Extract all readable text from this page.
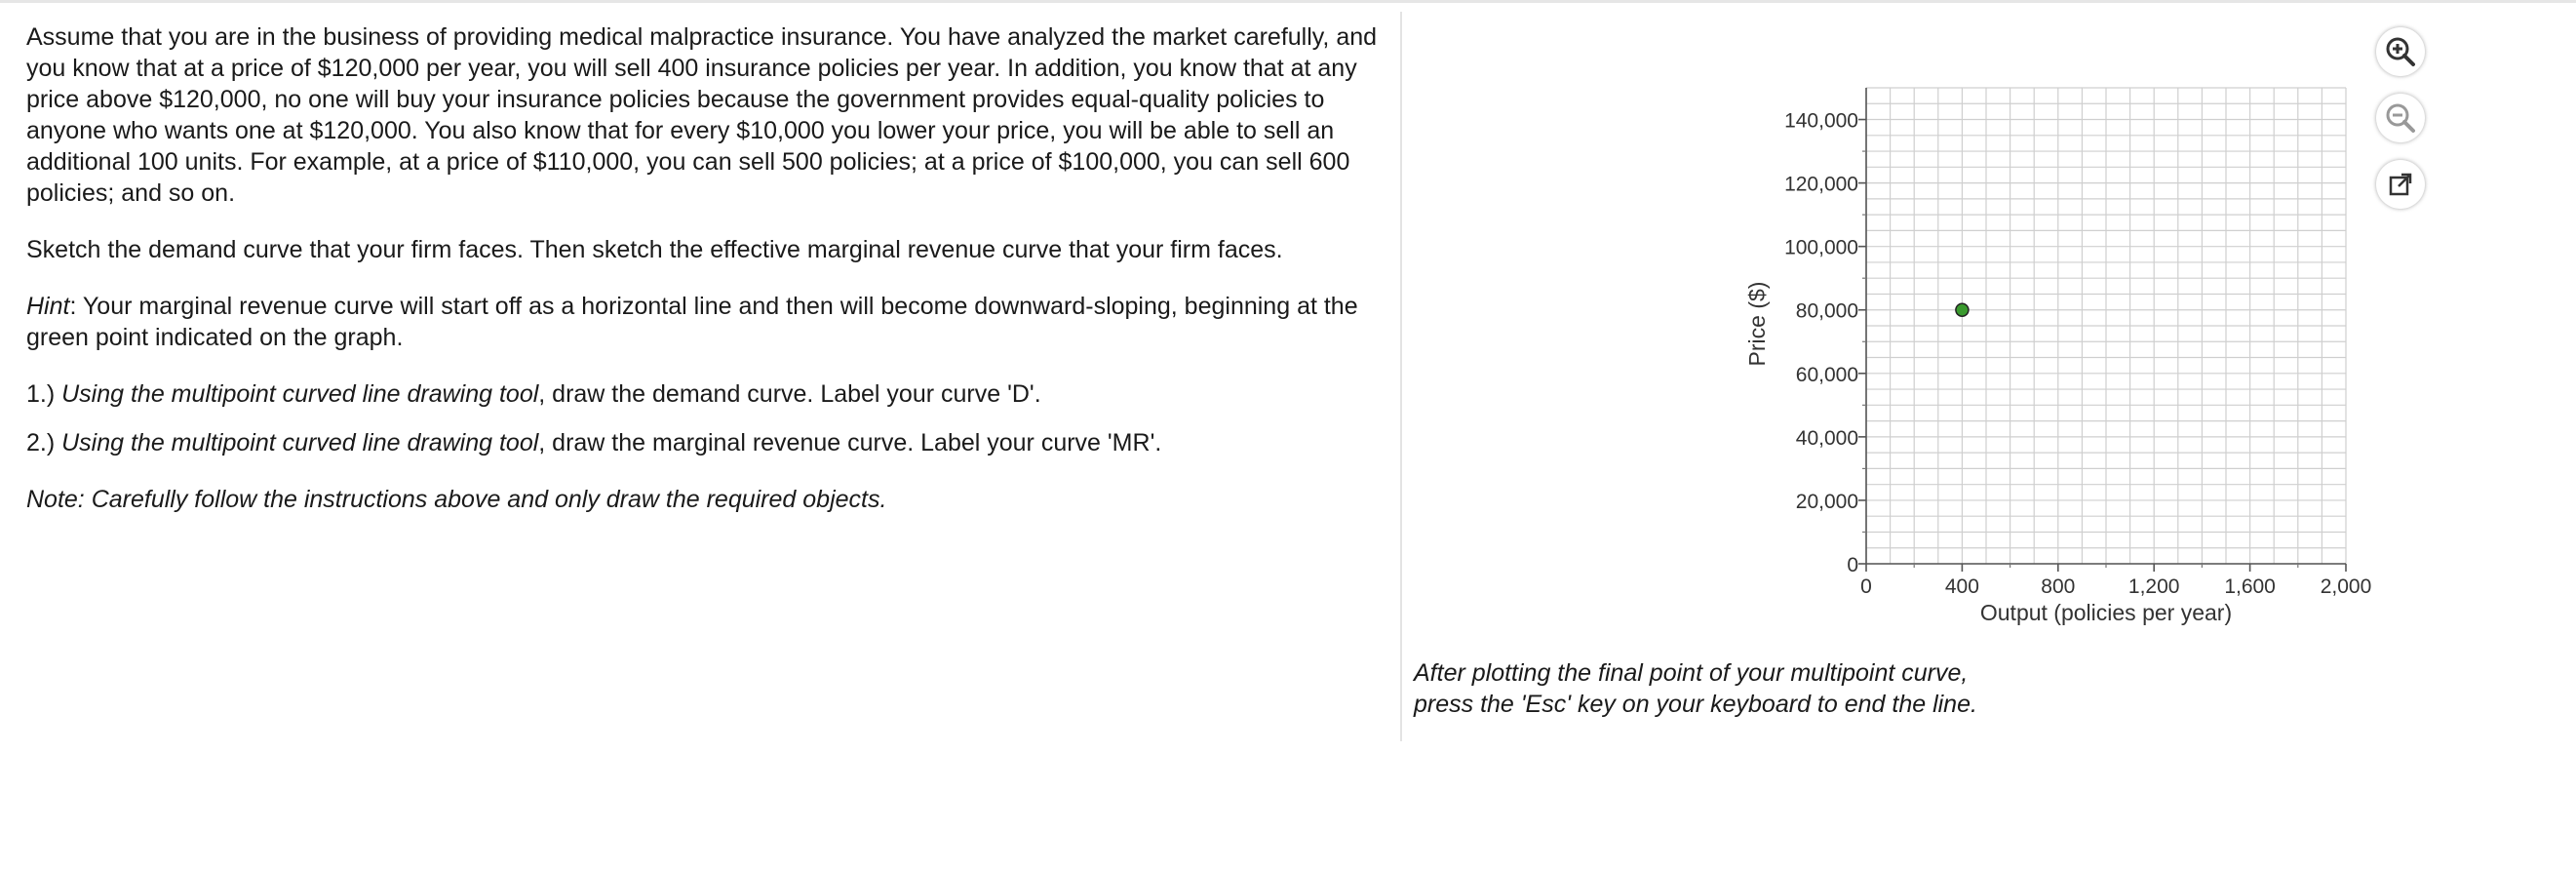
Assume that you are in the business of providing medical malpractice insurance. You have analyzed the market carefully, and you know that at a price of $120,000 per year, you will sell 400 insurance policies per year. In addition, you know that at any price above $120,000, no one will buy your insurance policies because the government provides equal-quality policies to anyone who wants one at $120,000. You also know that for every $10,000 you lower your price, you will be able to sell an additional 100 units. For example, at a price of $110,000, you can sell 500 policies; at a price of $100,000, you can sell 600 policies; and so on.

Sketch the demand curve that your firm faces. Then sketch the effective marginal revenue curve that your firm faces.

Hint: Your marginal revenue curve will start off as a horizontal line and then will become downward-sloping, beginning at the green point indicated on the graph.

1.) Using the multipoint curved line drawing tool, draw the demand curve. Label your curve 'D'.

2.) Using the multipoint curved line drawing tool, draw the marginal revenue curve. Label your curve 'MR'.

Note: Carefully follow the instructions above and only draw the required objects.

0
20,000
40,000
60,000
80,000
100,000
120,000
140,000
0	400	800	1,200 1,600 2,000
Output (policies per year)
Price ($)
After plotting the final point of your multipoint curve,
press the 'Esc' key on your keyboard to end the line.
